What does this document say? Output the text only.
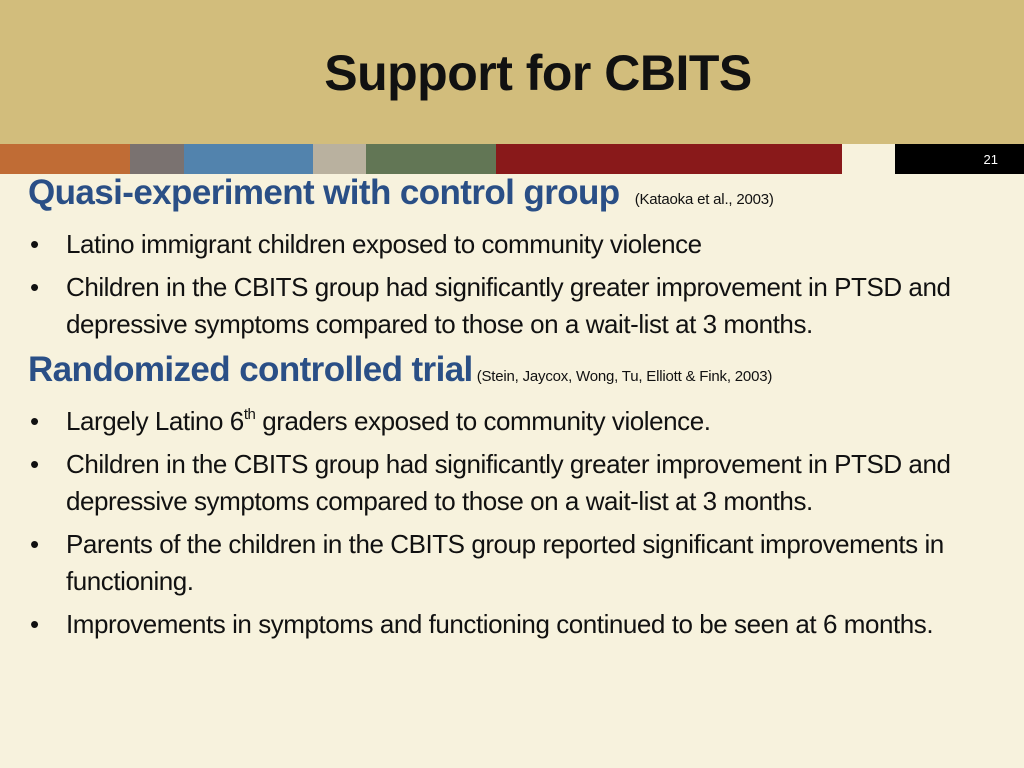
Support for CBITS
21
Quasi-experiment with control group (Kataoka et al., 2003)
• Latino immigrant children exposed to community violence
• Children in the CBITS group had significantly greater improvement in PTSD and depressive symptoms compared to those on a wait-list at 3 months.
Randomized controlled trial (Stein, Jaycox, Wong, Tu, Elliott & Fink, 2003)
• Largely Latino 6th graders exposed to community violence.
• Children in the CBITS group had significantly greater improvement in PTSD and depressive symptoms compared to those on a wait-list at 3 months.
• Parents of the children in the CBITS group reported significant improvements in functioning.
• Improvements in symptoms and functioning continued to be seen at 6 months.
